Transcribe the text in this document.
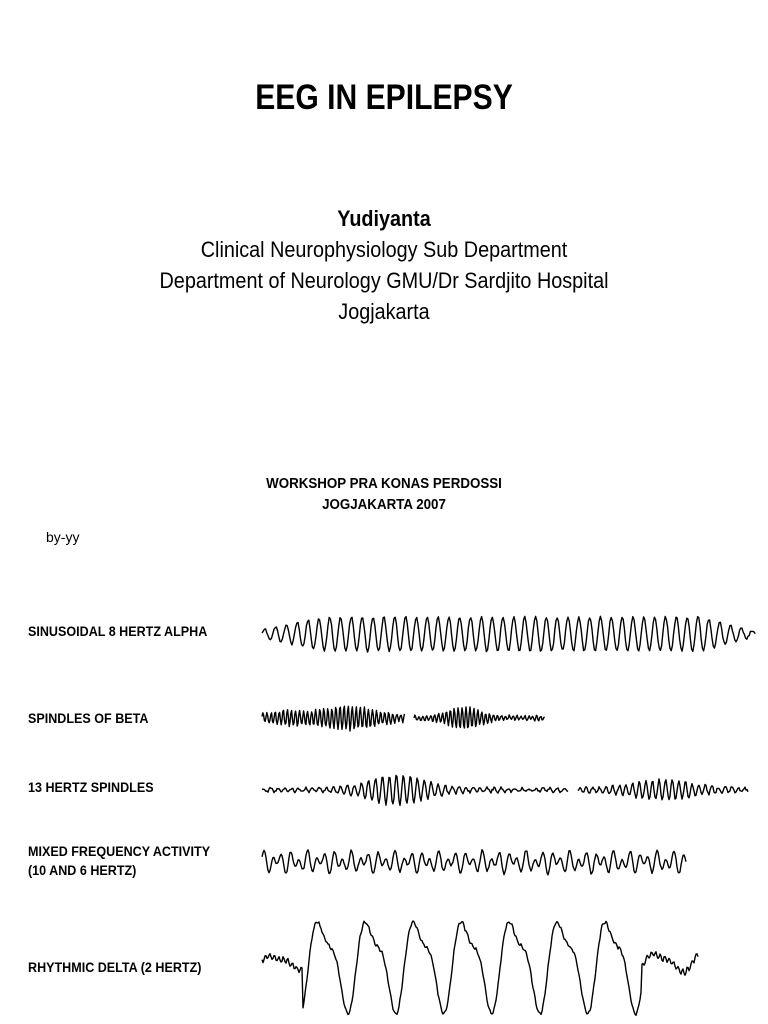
EEG IN EPILEPSY
Yudiyanta
Clinical Neurophysiology Sub Department
Department of Neurology GMU/Dr Sardjito Hospital
Jogjakarta
WORKSHOP PRA KONAS PERDOSSI
JOGJAKARTA 2007
by-yy
SINUSOIDAL 8 HERTZ ALPHA
SPINDLES OF BETA
13 HERTZ SPINDLES
MIXED FREQUENCY ACTIVITY
(10 AND 6 HERTZ)
RHYTHMIC DELTA (2 HERTZ)
